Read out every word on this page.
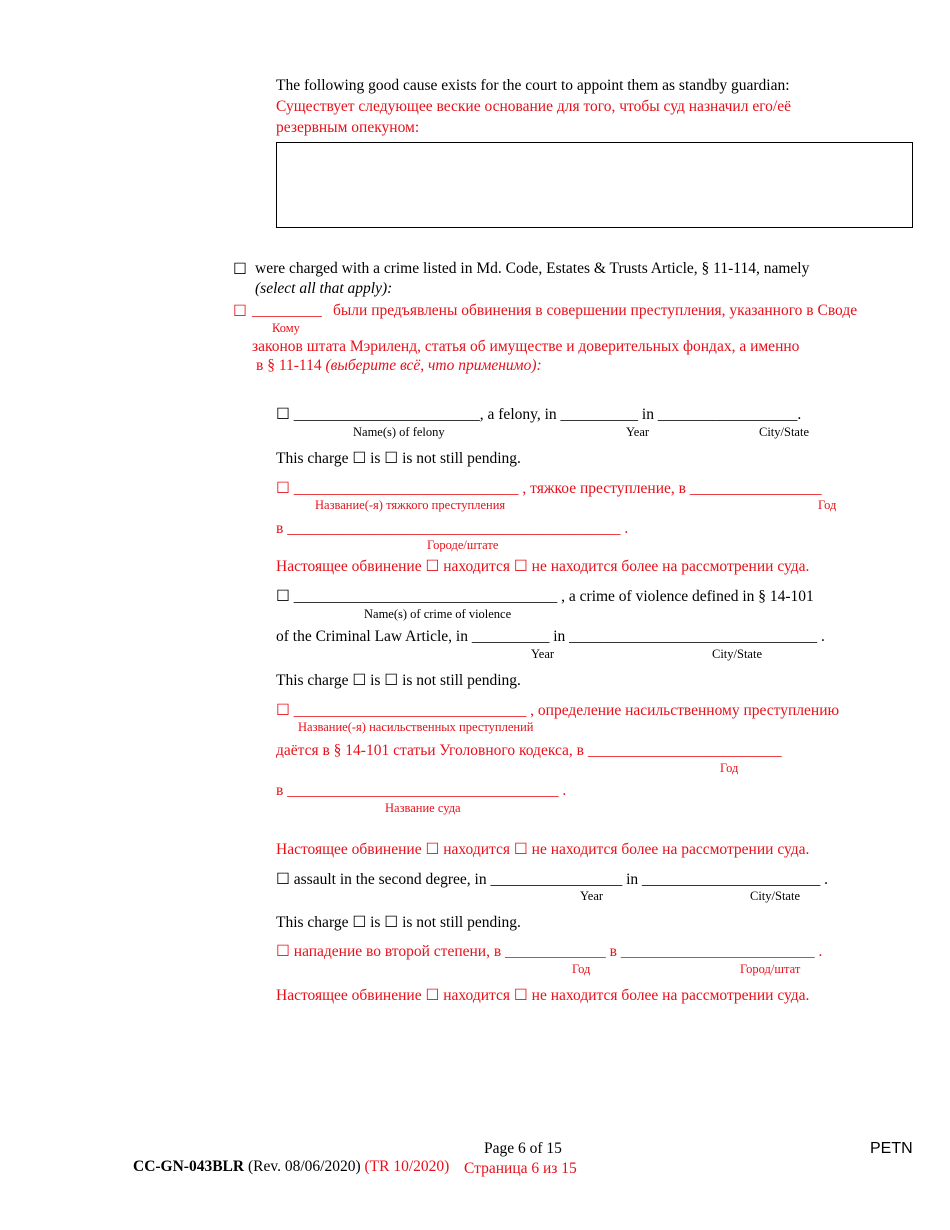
The following good cause exists for the court to appoint them as standby guardian:
Существует следующее веские основание для того, чтобы суд назначил его/её
резервным опекуном:
☐ were charged with a crime listed in Md. Code, Estates & Trusts Article, § 11-114, namely
(select all that apply):
☐ _________ были предъявлены обвинения в совершении преступления, указанного в Своде
Кому
законов штата Мэриленд, статья об имуществе и доверительных фондах, а именно
в § 11-114 (выберите всё, что применимо):
☐ ________________________, a felony, in __________ in __________________.
Name(s) of felony	Year	City/State
This charge ☐ is ☐ is not still pending.
☐ _____________________________ , тяжкое преступление, в _________________
Название(-я) тяжкого преступления	Год
в ___________________________________________ .
Городе/штате
Настоящее обвинение ☐ находится ☐ не находится более на рассмотрении суда.
☐ __________________________________ , a crime of violence defined in § 14-101
Name(s) of crime of violence
of the Criminal Law Article, in __________ in ________________________________ .
Year	City/State
This charge ☐ is ☐ is not still pending.
☐ ______________________________ , определение насильственному преступлению
Название(-я) насильственных преступлений
даётся в § 14-101 статьи Уголовного кодекса, в _________________________
Год
в ___________________________________ .
Название суда
Настоящее обвинение ☐ находится ☐ не находится более на рассмотрении суда.
☐ assault in the second degree, in _________________ in _______________________ .
Year	City/State
This charge ☐ is ☐ is not still pending.
☐ нападение во второй степени, в _____________ в _________________________ .
Год	Город/штат
Настоящее обвинение ☐ находится ☐ не находится более на рассмотрении суда.
Page 6 of 15	PETN
CC-GN-043BLR (Rev. 08/06/2020) (TR 10/2020) Страница 6 из 15
